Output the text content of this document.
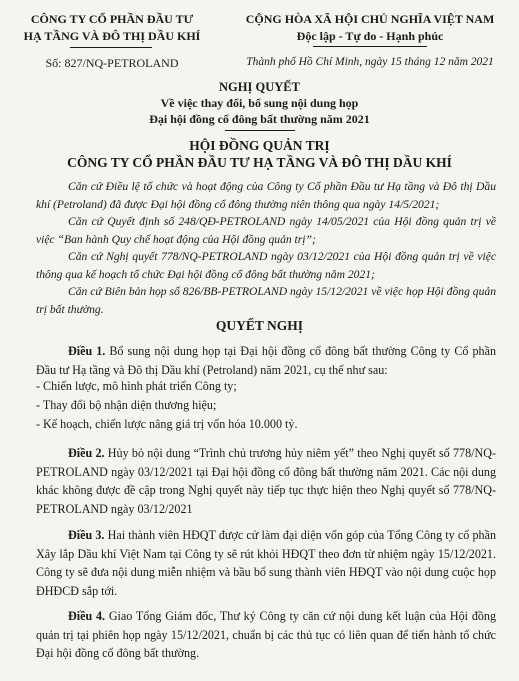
CÔNG TY CỔ PHẦN ĐẦU TƯ
HẠ TẦNG VÀ ĐÔ THỊ DẦU KHÍ
Số: 827/NQ-PETROLAND
CỘNG HÒA XÃ HỘI CHỦ NGHĨA VIỆT NAM
Độc lập - Tự do - Hạnh phúc
Thành phố Hồ Chí Minh, ngày 15 tháng 12 năm 2021
NGHỊ QUYẾT
Về việc thay đổi, bổ sung nội dung họp
Đại hội đồng cổ đông bất thường năm 2021
HỘI ĐỒNG QUẢN TRỊ
CÔNG TY CỔ PHẦN ĐẦU TƯ HẠ TẦNG VÀ ĐÔ THỊ DẦU KHÍ
Căn cứ Điều lệ tổ chức và hoạt động của Công ty Cổ phần Đầu tư Hạ tầng và Đô thị Dầu khí (Petroland) đã được Đại hội đồng cổ đông thường niên thông qua ngày 14/5/2021;
Căn cứ Quyết định số 248/QĐ-PETROLAND ngày 14/05/2021 của Hội đồng quản trị về việc “Ban hành Quy chế hoạt động của Hội đồng quản trị”;
Căn cứ Nghị quyết 778/NQ-PETROLAND ngày 03/12/2021 của Hội đồng quản trị về việc thông qua kế hoạch tổ chức Đại hội đồng cổ đông bất thường năm 2021;
Căn cứ Biên bản họp số 826/BB-PETROLAND ngày 15/12/2021 về việc họp Hội đồng quản trị bất thường.
QUYẾT NGHỊ
Điều 1. Bổ sung nội dung họp tại Đại hội đồng cổ đông bất thường Công ty Cổ phần Đầu tư Hạ tầng và Đô thị Dầu khí (Petroland) năm 2021, cụ thể như sau:
- Chiến lược, mô hình phát triển Công ty;
- Thay đổi bộ nhận diện thương hiệu;
- Kế hoạch, chiến lược nâng giá trị vốn hóa 10.000 tỷ.
Điều 2. Hủy bỏ nội dung “Trình chủ trương hủy niêm yết” theo Nghị quyết số 778/NQ-PETROLAND ngày 03/12/2021 tại Đại hội đồng cổ đông bất thường năm 2021. Các nội dung khác không được đề cập trong Nghị quyết này tiếp tục thực hiện theo Nghị quyết số 778/NQ-PETROLAND ngày 03/12/2021
Điều 3. Hai thành viên HĐQT được cử làm đại diện vốn góp của Tổng Công ty cổ phần Xây lắp Dầu khí Việt Nam tại Công ty sẽ rút khỏi HĐQT theo đơn từ nhiệm ngày 15/12/2021. Công ty sẽ đưa nội dung miễn nhiệm và bầu bổ sung thành viên HĐQT vào nội dung cuộc họp ĐHĐCĐ sắp tới.
Điều 4. Giao Tổng Giám đốc, Thư ký Công ty căn cứ nội dung kết luận của Hội đồng quản trị tại phiên họp ngày 15/12/2021, chuẩn bị các thủ tục có liên quan để tiến hành tổ chức Đại hội đồng cổ đông bất thường.
